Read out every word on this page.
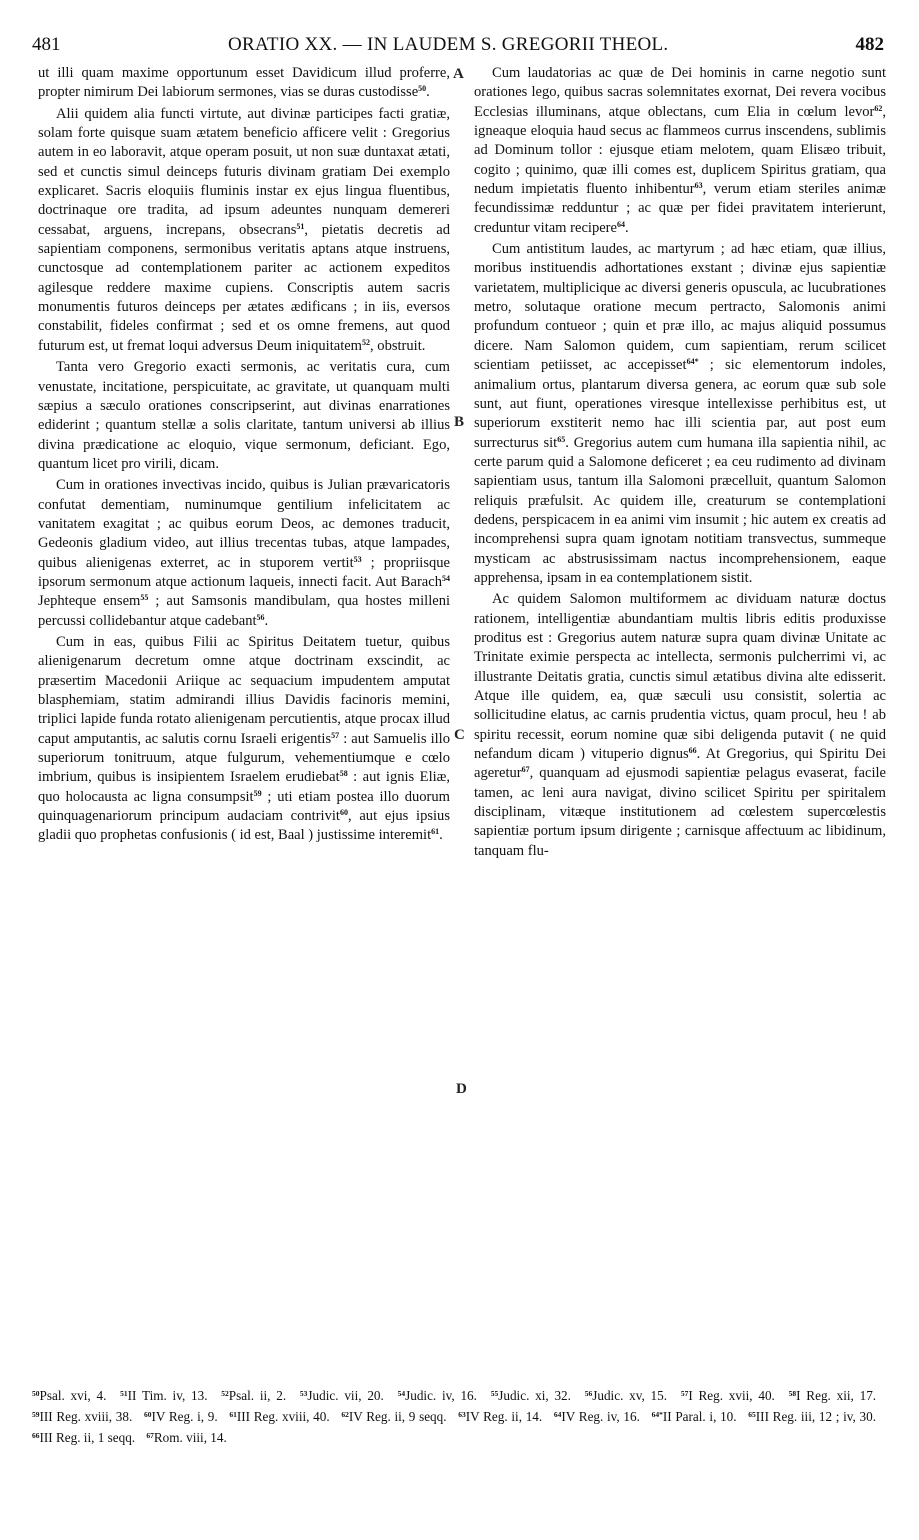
481	ORATIO XX. — IN LAUDEM S. GREGORII THEOL.	482

ut illi quam maxime opportunum esset Davidicum illud proferre, propter nimirum Dei labiorum sermones, vias se duras custodisse$^{50}$.

Alii quidem alia functi virtute, aut divinæ participes facti gratiæ, solam forte quisque suam ætatem beneficio afficere velit : Gregorius autem in eo laboravit, atque operam posuit, ut non suæ duntaxat ætati, sed et cunctis simul deinceps futuris divinam gratiam Dei exemplo explicaret. Sacris eloquiis fluminis instar ex ejus lingua fluentibus, doctrinaque ore tradita, ad ipsum adeuntes nunquam demereri cessabat, arguens, increpans, obsecrans$^{51}$, pietatis decretis ad sapientiam componens, sermonibus veritatis aptans atque instruens, cunctosque ad contemplationem pariter ac actionem expeditos agilesque reddere maxime cupiens. Conscriptis autem sacris monumentis futuros deinceps per ætates ædificans ; in iis, eversos constabilit, fideles confirmat ; sed et os omne fremens, aut quod futurum est, ut fremat loqui adversus Deum iniquitatem$^{52}$, obstruit.

Tanta vero Gregorio exacti sermonis, ac veritatis cura, cum venustate, incitatione, perspicuitate, ac gravitate, ut quanquam multi sæpius a sæculo orationes conscripserint, aut divinas enarrationes ediderint ; quantum stellæ a solis claritate, tantum universi ab illius divina prædicatione ac eloquio, vique sermonum, deficiant. Ego, quantum licet pro virili, dicam.

Cum in orationes invectivas incido, quibus is Julian prævaricatoris confutat dementiam, numinumque gentilium infelicitatem ac vanitatem exagitat ; ac quibus eorum Deos, ac demones traducit, Gedeonis gladium video, aut illius trecentas tubas, atque lampades, quibus alienigenas exterret, ac in stuporem vertit$^{53}$ ; propriisque ipsorum sermonum atque actionum laqueis, innecti facit. Aut Barach$^{54}$ Jephteque ensem$^{55}$ ; aut Samsonis mandibulam, qua hostes milleni percussi collidebantur atque cadebant$^{56}$.

Cum in eas, quibus Filii ac Spiritus Deitatem tuetur, quibus alienigenarum decretum omne atque doctrinam exscindit, ac præsertim Macedonii Ariique ac sequacium impudentem amputat blasphemiam, statim admirandi illius Davidis facinoris memini, triplici lapide funda rotato alienigenam percutientis, atque procax illud caput amputantis, ac salutis cornu Israeli erigentis$^{57}$ : aut Samuelis illo superiorum tonitruum, atque fulgurum, vehementiumque e cœlo imbrium, quibus is insipientem Israelem erudiebat$^{58}$ : aut ignis Eliæ, quo holocausta ac ligna consumpsit$^{59}$ ; uti etiam postea illo duorum quinquagenariorum principum audaciam contrivit$^{60}$, aut ejus ipsius gladii quo prophetas confusionis ( id est, Baal ) justissime interemit$^{61}$.

Cum laudatorias ac quæ de Dei hominis in carne negotio sunt orationes lego, quibus sacras solemnitates exornat, Dei revera vocibus Ecclesias illuminans, atque oblectans, cum Elia in cœlum levor$^{62}$, igneaque eloquia haud secus ac flammeos currus inscendens, sublimis ad Dominum tollor : ejusque etiam melotem, quam Elisæo tribuit, cogito ; quinimo, quæ illi comes est, duplicem Spiritus gratiam, qua nedum impietatis fluento inhibentur$^{63}$, verum etiam steriles animæ fecundissimæ redduntur ; ac quæ per fidei pravitatem interierunt, creduntur vitam recipere$^{64}$.

Cum antistitum laudes, ac martyrum ; ad hæc etiam, quæ illius, moribus instituendis adhortationes exstant ; divinæ ejus sapientiæ varietatem, multiplicique ac diversi generis opuscula, ac lucubrationes metro, solutaque oratione mecum pertracto, Salomonis animi profundum contueor ; quin et præ illo, ac majus aliquid possumus dicere. Nam Salomon quidem, cum sapientiam, rerum scilicet scientiam petiisset, ac accepisset$^{64*}$ ; sic elementorum indoles, animalium ortus, plantarum diversa genera, ac eorum quæ sub sole sunt, aut fiunt, operationes viresque intellexisse perhibitus est, ut superiorum exstiterit nemo hac illi scientia par, aut post eum surrecturus sit$^{65}$. Gregorius autem cum humana illa sapientia nihil, ac certe parum quid a Salomone deficeret ; ea ceu rudimento ad divinam sapientiam usus, tantum illa Salomoni præcelluit, quantum Salomon reliquis præfulsit. Ac quidem ille, creaturum se contemplationi dedens, perspicacem in ea animi vim insumit ; hic autem ex creatis ad incomprehensi supra quam ignotam notitiam transvectus, summeque mysticam ac abstrusissimam nactus incomprehensionem, eaque apprehensa, ipsam in ea contemplationem sistit.

Ac quidem Salomon multiformem ac dividuam naturæ doctus rationem, intelligentiæ abundantiam multis libris editis produxisse proditus est : Gregorius autem naturæ supra quam divinæ Unitate ac Trinitate eximie perspecta ac intellecta, sermonis pulcherrimi vi, ac illustrante Deitatis gratia, cunctis simul ætatibus divina alte edisserit. Atque ille quidem, ea, quæ sæculi usu consistit, solertia ac sollicitudine elatus, ac carnis prudentia victus, quam procul, heu ! ab spiritu recessit, eorum nomine quæ sibi deligenda putavit ( ne quid nefandum dicam ) vituperio dignus$^{66}$. At Gregorius, qui Spiritu Dei ageretur$^{67}$, quanquam ad ejusmodi sapientiæ pelagus evaserat, facile tamen, ac leni aura navigat, divino scilicet Spiritu per spiritalem disciplinam, vitæque institutionem ad cœlestem supercœlestis sapientiæ portum ipsum dirigente ; carnisque affectuum ac libidinum, tanquam flu-

A
B
C
D
$^{50}$Psal. xvi, 4. $^{51}$II Tim. iv, 13. $^{52}$Psal. ii, 2. $^{53}$Judic. vii, 20. $^{54}$Judic. iv, 16. $^{55}$Judic. xi, 32. $^{56}$Judic. xv, 15. $^{57}$I Reg. xvii, 40. $^{58}$I Reg. xii, 17. $^{59}$III Reg. xviii, 38. $^{60}$IV Reg. i, 9. $^{61}$III Reg. xviii, 40. $^{62}$IV Reg. ii, 9 seqq. $^{63}$IV Reg. ii, 14. $^{64}$IV Reg. iv, 16. $^{64*}$II Paral. i, 10. $^{65}$III Reg. iii, 12 ; iv, 30. $^{66}$III Reg. ii, 1 seqq. $^{67}$Rom. viii, 14.
